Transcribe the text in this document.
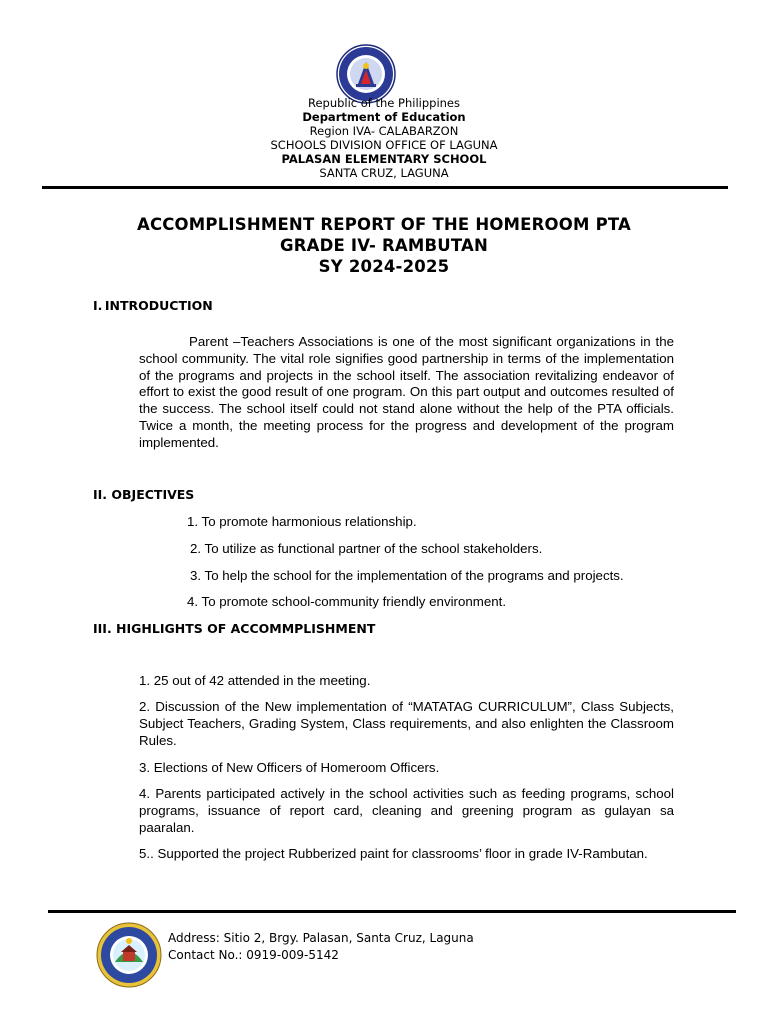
Republic of the Philippines
Department of Education
Region IVA- CALABARZON
SCHOOLS DIVISION OFFICE OF LAGUNA
PALASAN ELEMENTARY SCHOOL
SANTA CRUZ, LAGUNA
ACCOMPLISHMENT REPORT OF THE HOMEROOM PTA
GRADE IV- RAMBUTAN
SY 2024-2025
I. INTRODUCTION
Parent –Teachers Associations is one of the most significant organizations in the school community. The vital role signifies good partnership in terms of the implementation of the programs and projects in the school itself. The association revitalizing endeavor of effort to exist the good result of one program. On this part output and outcomes resulted of the success. The school itself could not stand alone without the help of the PTA officials. Twice a month, the meeting process for the progress and development of the program implemented.
II. OBJECTIVES
1. To promote harmonious relationship.
2. To utilize as functional partner of the school stakeholders.
3. To help the school for the implementation of the programs and projects.
4. To promote school-community friendly environment.
III. HIGHLIGHTS OF ACCOMMPLISHMENT
1. 25 out of 42 attended in the meeting.
2. Discussion of the New implementation of “MATATAG CURRICULUM”, Class Subjects, Subject Teachers, Grading System, Class requirements, and also enlighten the Classroom Rules.
3. Elections of New Officers of Homeroom Officers.
4. Parents participated actively in the school activities such as feeding programs, school programs, issuance of report card, cleaning and greening program as gulayan sa paaralan.
5.. Supported the project Rubberized paint for classrooms’ floor in grade IV-Rambutan.
Address: Sitio 2, Brgy. Palasan, Santa Cruz, Laguna
Contact No.: 0919-009-5142
